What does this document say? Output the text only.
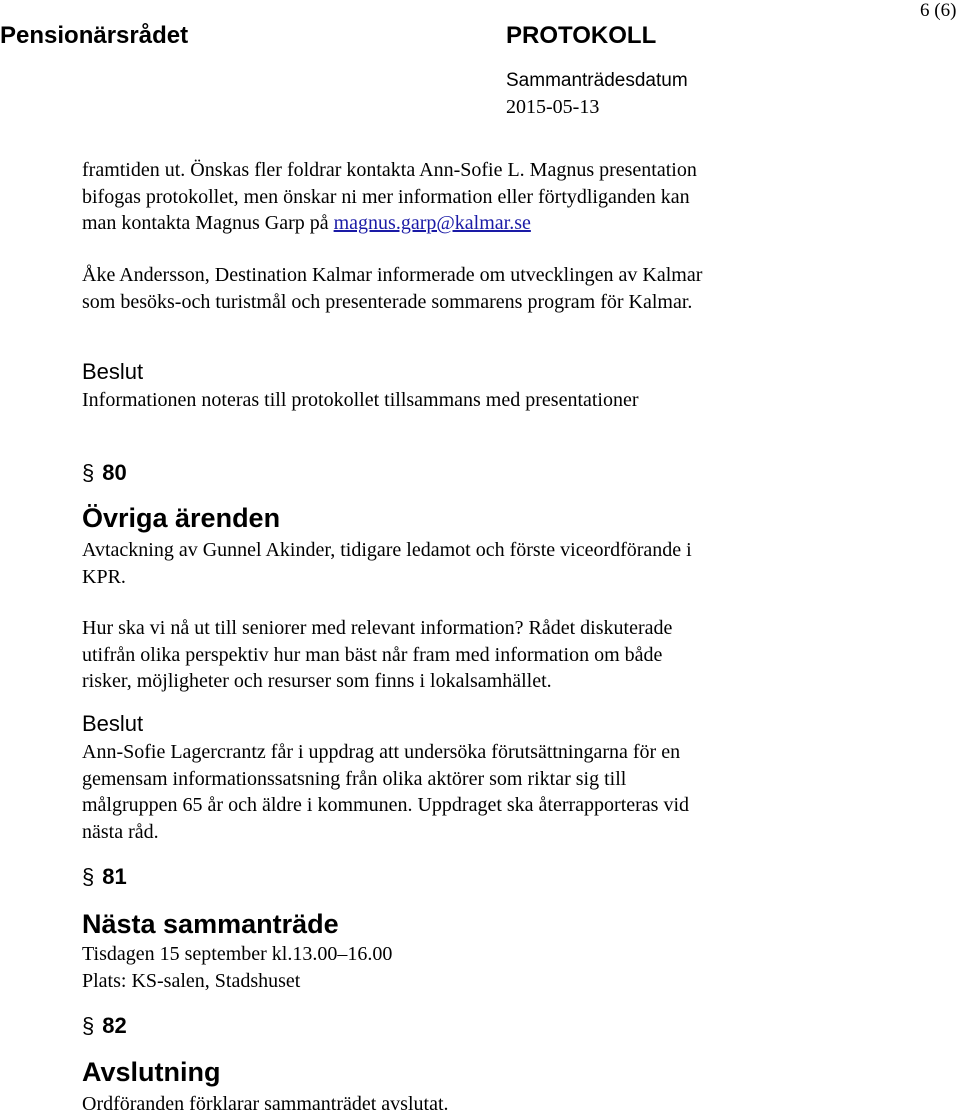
Pensionärsrådet	PROTOKOLL
6 (6)
Sammanträdesdatum
2015-05-13
framtiden ut. Önskas fler foldrar kontakta Ann-Sofie L. Magnus presentation
bifogas protokollet, men önskar ni mer information eller förtydliganden kan
man kontakta Magnus Garp på magnus.garp@kalmar.se
Åke Andersson, Destination Kalmar informerade om utvecklingen av Kalmar
som besöks-och turistmål och presenterade sommarens program för Kalmar.
Beslut
Informationen noteras till protokollet tillsammans med presentationer
§ 80
Övriga ärenden
Avtackning av Gunnel Akinder, tidigare ledamot och förste viceordförande i
KPR.
Hur ska vi nå ut till seniorer med relevant information? Rådet diskuterade
utifrån olika perspektiv hur man bäst når fram med information om både
risker, möjligheter och resurser som finns i lokalsamhället.
Beslut
Ann-Sofie Lagercrantz får i uppdrag att undersöka förutsättningarna för en
gemensam informationssatsning från olika aktörer som riktar sig till
målgruppen 65 år och äldre i kommunen. Uppdraget ska återrapporteras vid
nästa råd.
§ 81
Nästa sammanträde
Tisdagen 15 september kl.13.00–16.00
Plats: KS-salen, Stadshuset
§ 82
Avslutning
Ordföranden förklarar sammanträdet avslutat.
